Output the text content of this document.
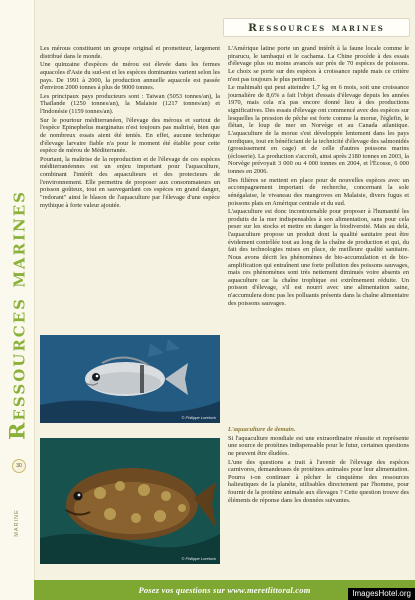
Ressources marines
30
MARINE
Ressources marines

Les mérous constituent un groupe original et prometteur, largement distribué dans le monde.

Une quinzaine d'espèces de mérou est élevée dans les fermes aquacoles d'Asie du sud-est et les espèces dominantes varient selon les pays. De 1991 à 2000, la production annuelle aquacole est passée d'environ 2000 tonnes à plus de 9000 tonnes.

Les principaux pays producteurs sont : Taiwan (5053 tonnes/an), la Thaïlande (1250 tonnes/an), la Malaisie (1217 tonnes/an) et l'Indonésie (1159 tonnes/an).

Sur le pourtour méditerranéen, l'élevage des mérous et surtout de l'espèce Epinephelus marginatus n'est toujours pas maîtrisé, bien que de nombreux essais aient été tentés. En effet, aucune technique d'élevage larvaire fiable n'a pour le moment été établie pour cette espèce de mérou de Méditerranée.

Pourtant, la maîtrise de la reproduction et de l'élevage de ces espèces méditerranéennes est un enjeu important pour l'aquaculture, combinant l'intérêt des aquaculteurs et des protecteurs de l'environnement. Elle permettra de proposer aux consommateurs un poisson goûteux, tout en sauvegardant ces espèces en grand danger, "redorant" ainsi le blason de l'aquaculture par l'élevage d'une espèce mythique à forte valeur ajoutée.

© Philippe Loreluck
© Philippe Loreluck

L'Amérique latine porte un grand intérêt à la faune locale comme le pirarucu, le tambaqui et le cachama. La Chine procède à des essais d'élevage plus ou moins avancés sur près de 70 espèces de poissons. Le choix se porte sur des espèces à croissance rapide mais ce critère n'est pas toujours le plus pertinent.

Le mahimahi qui peut atteindre 1,7 kg en 6 mois, soit une croissance journalière de 8,6% a fait l'objet d'essais d'élevage depuis les années 1970, mais cela n'a pas encore donné lieu à des productions significatives. Des essais d'élevage ont commencé avec des espèces sur lesquelles la pression de pêche est forte comme la morue, l'églefin, le flétan, le loup de mer en Norvège et au Canada atlantique. L'aquaculture de la morue s'est développée lentement dans les pays nordiques, tout en bénéficiant de la technicité d'élevage des salmonidés (grossissement en cage) et de celle d'autres poissons marins (écloserie). La production s'accroît, ainsi après 2180 tonnes en 2003, la Norvège prévoyait 3 000 ou 4 000 tonnes en 2004, et l'Écosse, 6 000 tonnes en 2006.

Des filières se mettent en place pour de nouvelles espèces avec un accompagnement important de recherche, concernant la sole sénégalaise, le vivaneau des mangroves en Malaisie, divers fugus et poissons plats en Amérique centrale et du sud.

L'aquaculture est donc incontournable pour proposer à l'humanité les produits de la mer indispensables à son alimentation, sans pour cela peser sur les stocks et mettre en danger la biodiversité. Mais au delà, l'aquaculture propose un produit dont la qualité sanitaire peut être évidement contrôlée tout au long de la chaîne de production et qui, du fait des technologies mises en place, de meilleure qualité sanitaire. Nous avons décrit les phénomènes de bio-accumulation et de bio-amplification qui entraînent une forte pollution des poissons sauvages, mais ces phénomènes sont très nettement diminués voire absents en aquaculture car la chaîne trophique est extrêmement réduite. Un poisson d'élevage, s'il est nourri avec une alimentation saine, n'accumulera donc pas les polluants présents dans la chaîne alimentaire des poissons sauvages.

L'aquaculture de demain.

Si l'aquaculture mondiale est une extraordinaire réussite et représente une source de protéines indispensable pour le futur, certaines questions ne peuvent être éludées.

L'une des questions a trait à l'avenir de l'élevage des espèces carnivores, demandeuses de protéines animales pour leur alimentation. Pourra t-on continuer à pêcher le cinquième des ressources halieutiques de la planète, utilisables directement par l'homme, pour fournir de la protéine animale aux élevages ? Cette question trouve des éléments de réponse dans les données suivantes.

Posez vos questions sur www.meretlittoral.com	ImagesHotel.org
